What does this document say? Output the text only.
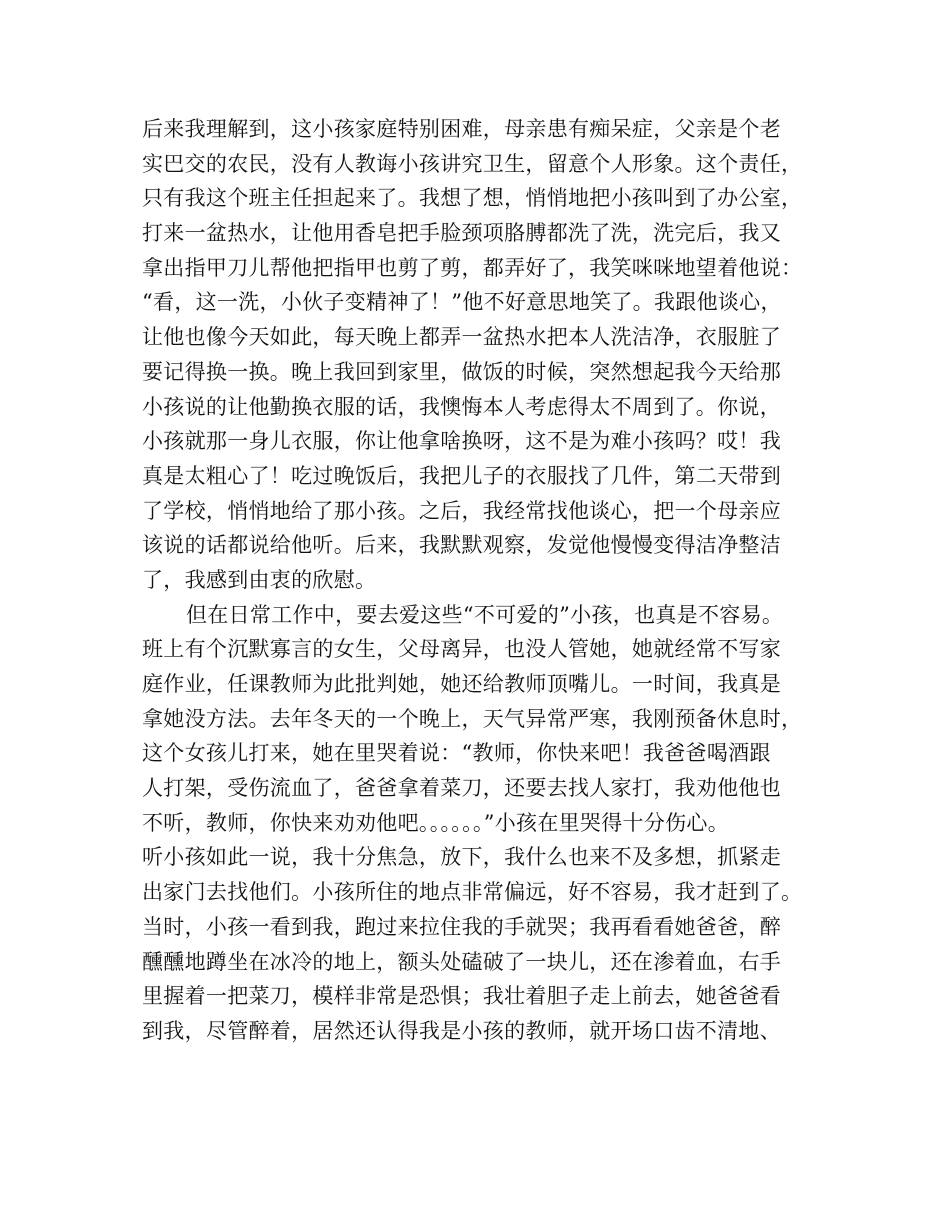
后来我理解到，这小孩家庭特别困难，母亲患有痴呆症，父亲是个老
实巴交的农民，没有人教诲小孩讲究卫生，留意个人形象。这个责任，
只有我这个班主任担起来了。我想了想，悄悄地把小孩叫到了办公室，
打来一盆热水，让他用香皂把手脸颈项胳膊都洗了洗，洗完后，我又
拿出指甲刀儿帮他把指甲也剪了剪，都弄好了，我笑咪咪地望着他说：
“看，这一洗，小伙子变精神了！”他不好意思地笑了。我跟他谈心，
让他也像今天如此，每天晚上都弄一盆热水把本人洗洁净，衣服脏了
要记得换一换。晚上我回到家里，做饭的时候，突然想起我今天给那
小孩说的让他勤换衣服的话，我懊悔本人考虑得太不周到了。你说，
小孩就那一身儿衣服，你让他拿啥换呀，这不是为难小孩吗？哎！我
真是太粗心了！吃过晚饭后，我把儿子的衣服找了几件，第二天带到
了学校，悄悄地给了那小孩。之后，我经常找他谈心，把一个母亲应
该说的话都说给他听。后来，我默默观察，发觉他慢慢变得洁净整洁
了，我感到由衷的欣慰。
但在日常工作中，要去爱这些“不可爱的”小孩，也真是不容易。
班上有个沉默寡言的女生，父母离异，也没人管她，她就经常不写家
庭作业，任课教师为此批判她，她还给教师顶嘴儿。一时间，我真是
拿她没方法。去年冬天的一个晚上，天气异常严寒，我刚预备休息时，
这个女孩儿打来，她在里哭着说：“教师，你快来吧！我爸爸喝酒跟
人打架，受伤流血了，爸爸拿着菜刀，还要去找人家打，我劝他他也
不听，教师，你快来劝劝他吧。。。。。。”小孩在里哭得十分伤心。
听小孩如此一说，我十分焦急，放下，我什么也来不及多想，抓紧走
出家门去找他们。小孩所住的地点非常偏远，好不容易，我才赶到了。
当时，小孩一看到我，跑过来拉住我的手就哭；我再看看她爸爸，醉
醺醺地蹲坐在冰冷的地上，额头处磕破了一块儿，还在渗着血，右手
里握着一把菜刀，模样非常是恐惧；我壮着胆子走上前去，她爸爸看
到我，尽管醉着，居然还认得我是小孩的教师，就开场口齿不清地、
